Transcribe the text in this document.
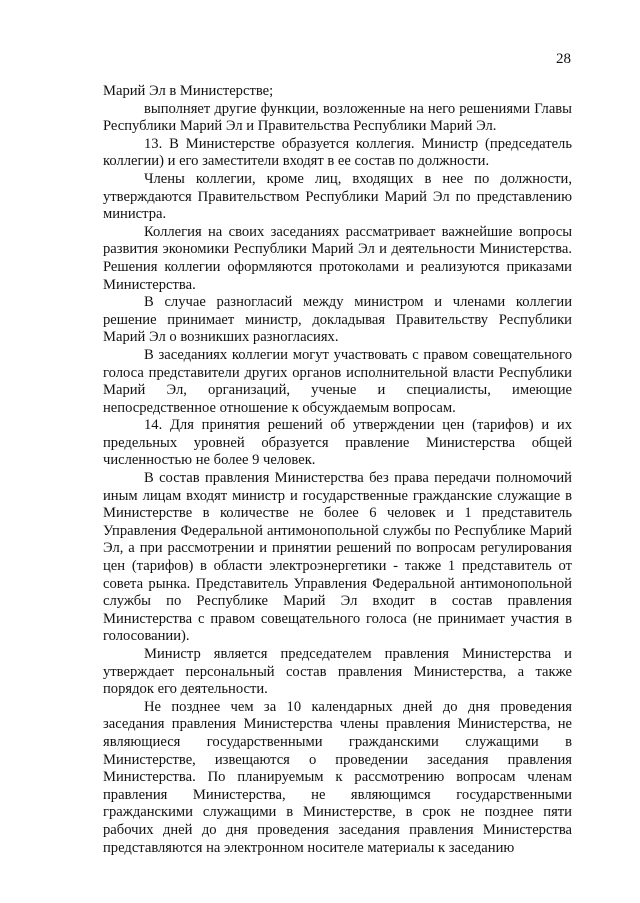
28

Марий Эл в Министерстве;

выполняет другие функции, возложенные на него решениями Главы Республики Марий Эл и Правительства Республики Марий Эл.

13. В Министерстве образуется коллегия. Министр (председатель коллегии) и его заместители входят в ее состав по должности.

Члены коллегии, кроме лиц, входящих в нее по должности, утверждаются Правительством Республики Марий Эл по представлению министра.

Коллегия на своих заседаниях рассматривает важнейшие вопросы развития экономики Республики Марий Эл и деятельности Министерства. Решения коллегии оформляются протоколами и реализуются приказами Министерства.

В случае разногласий между министром и членами коллегии решение принимает министр, докладывая Правительству Республики Марий Эл о возникших разногласиях.

В заседаниях коллегии могут участвовать с правом совещательного голоса представители других органов исполнительной власти Республики Марий Эл, организаций, ученые и специалисты, имеющие непосредственное отношение к обсуждаемым вопросам.

14. Для принятия решений об утверждении цен (тарифов) и их предельных уровней образуется правление Министерства общей численностью не более 9 человек.

В состав правления Министерства без права передачи полномочий иным лицам входят министр и государственные гражданские служащие в Министерстве в количестве не более 6 человек и 1 представитель Управления Федеральной антимонопольной службы по Республике Марий Эл, а при рассмотрении и принятии решений по вопросам регулирования цен (тарифов) в области электроэнергетики - также 1 представитель от совета рынка. Представитель Управления Федеральной антимонопольной службы по Республике Марий Эл входит в состав правления Министерства с правом совещательного голоса (не принимает участия в голосовании).

Министр является председателем правления Министерства и утверждает персональный состав правления Министерства, а также порядок его деятельности.

Не позднее чем за 10 календарных дней до дня проведения заседания правления Министерства члены правления Министерства, не являющиеся государственными гражданскими служащими в Министерстве, извещаются о проведении заседания правления Министерства. По планируемым к рассмотрению вопросам членам правления Министерства, не являющимся государственными гражданскими служащими в Министерстве, в срок не позднее пяти рабочих дней до дня проведения заседания правления Министерства представляются на электронном носителе материалы к заседанию
